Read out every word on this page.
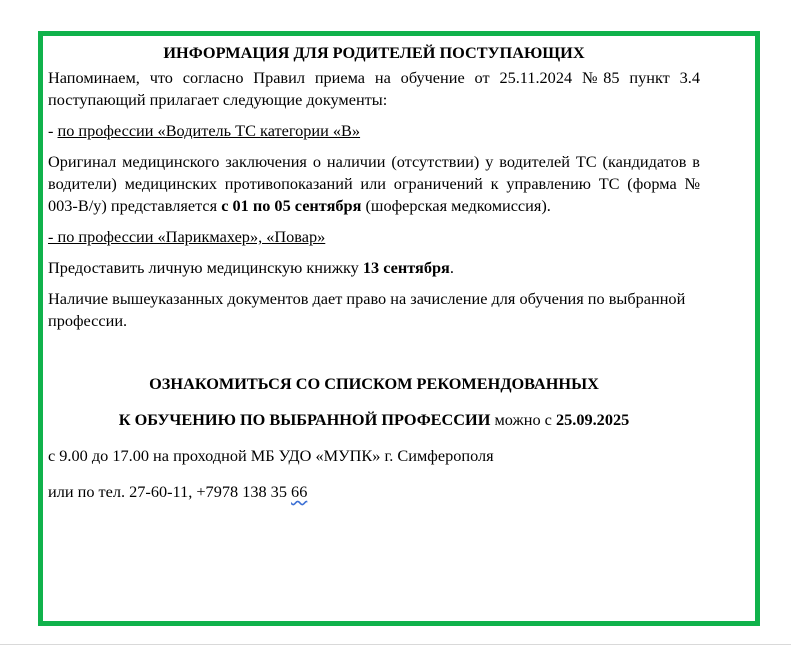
ИНФОРМАЦИЯ ДЛЯ РОДИТЕЛЕЙ ПОСТУПАЮЩИХ

Напоминаем, что согласно Правил приема на обучение от 25.11.2024 №85 пункт 3.4 поступающий прилагает следующие документы:

- по профессии «Водитель ТС категории «В»

Оригинал медицинского заключения о наличии (отсутствии) у водителей ТС (кандидатов в водители) медицинских противопоказаний или ограничений к управлению ТС (форма № 003-В/у) представляется с 01 по 05 сентября (шоферская медкомиссия).

- по профессии «Парикмахер», «Повар»

Предоставить личную медицинскую книжку 13 сентября.

Наличие вышеуказанных документов дает право на зачисление для обучения по выбранной профессии.

ОЗНАКОМИТЬСЯ СО СПИСКОМ РЕКОМЕНДОВАННЫХ

К ОБУЧЕНИЮ ПО ВЫБРАННОЙ ПРОФЕССИИ можно с 25.09.2025

с 9.00 до 17.00 на проходной МБ УДО «МУПК» г. Симферополя

или по тел. 27-60-11, +7978 138 35 66
